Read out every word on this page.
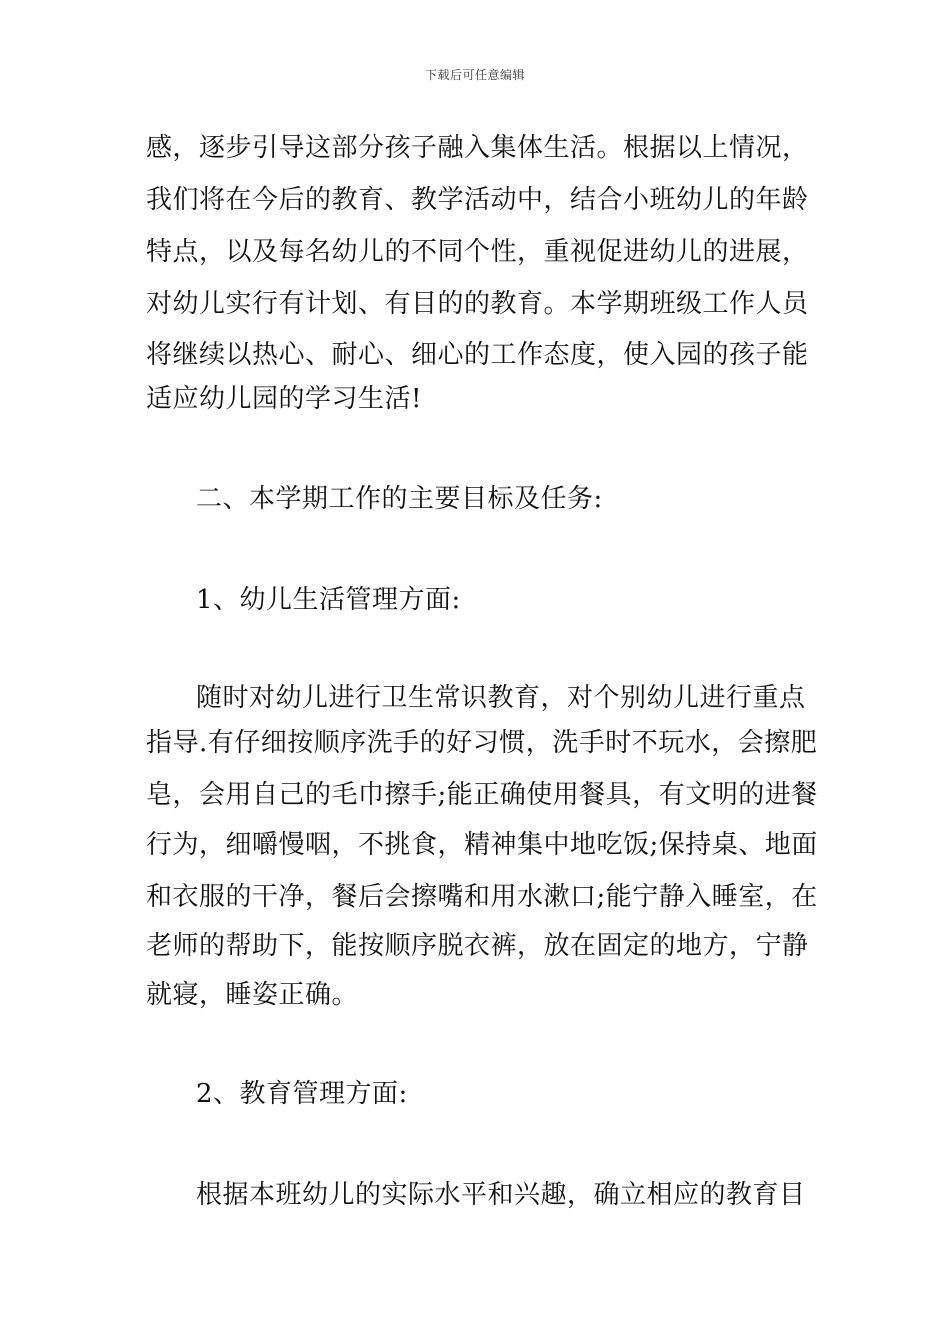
下载后可任意编辑
感，逐步引导这部分孩子融入集体生活。根据以上情况，
我们将在今后的教育、教学活动中，结合小班幼儿的年龄
特点，以及每名幼儿的不同个性，重视促进幼儿的进展，
对幼儿实行有计划、有目的的教育。本学期班级工作人员
将继续以热心、耐心、细心的工作态度，使入园的孩子能
适应幼儿园的学习生活!
二、本学期工作的主要目标及任务:
1、幼儿生活管理方面:
随时对幼儿进行卫生常识教育，对个别幼儿进行重点
指导.有仔细按顺序洗手的好习惯，洗手时不玩水，会擦肥
皂，会用自己的毛巾擦手;能正确使用餐具，有文明的进餐
行为，细嚼慢咽，不挑食，精神集中地吃饭;保持桌、地面
和衣服的干净，餐后会擦嘴和用水漱口;能宁静入睡室，在
老师的帮助下，能按顺序脱衣裤，放在固定的地方，宁静
就寝，睡姿正确。
2、教育管理方面:
根据本班幼儿的实际水平和兴趣，确立相应的教育目
